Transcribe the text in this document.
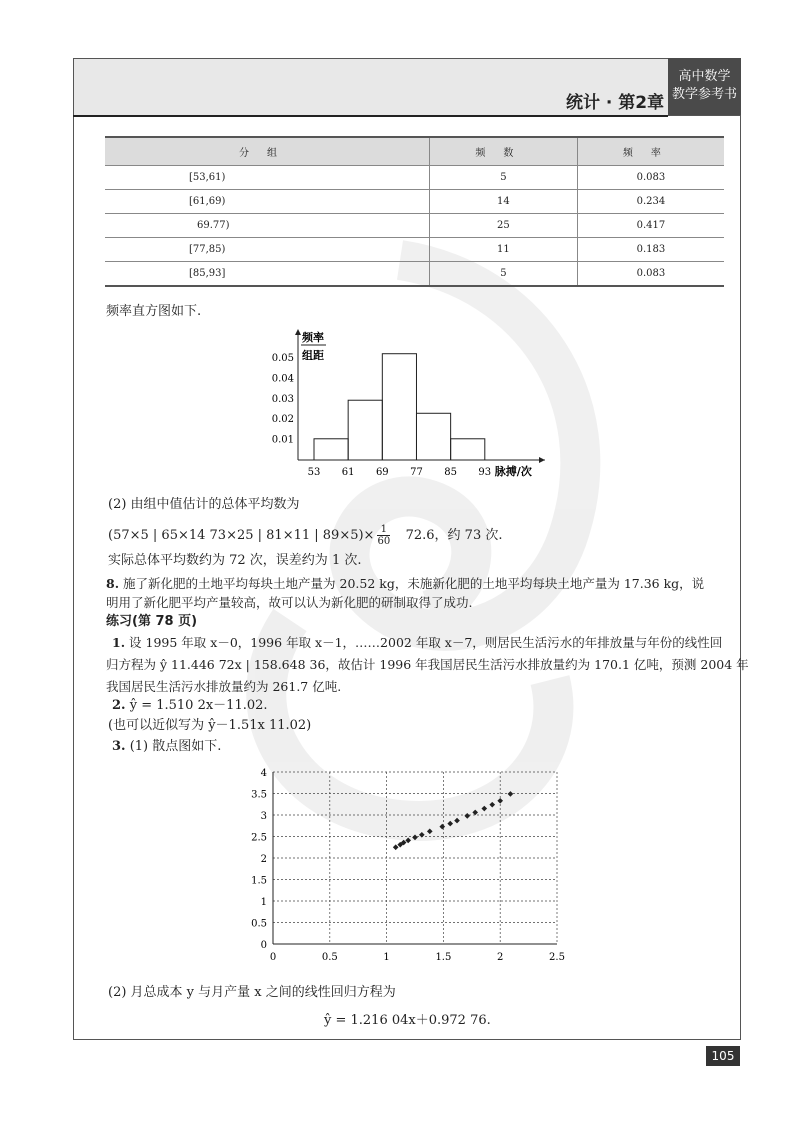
统计 · 第2章
高中数学
教学参考书
分组	频数	频率
[53,61)	5	0.083
[61,69)	14	0.234
69.77)	25	0.417
[77,85)	11	0.183
[85,93]	5	0.083
频率直方图如下.
0.01
0.02
0.03
0.04
0.05
53 61 69 77 85 93 脉搏/次
频率
组距
(2) 由组中值估计的总体平均数为
(57×5 | 65×14 73×25 | 81×11 | $89\times 5)\times \frac{1}{60} 72.6$，约 73 次.
实际总体平均数约为 72 次，误差约为 1 次.
8. 施了新化肥的土地平均每块土地产量为 20.52 kg，未施新化肥的土地平均每块土地产量为 17.36 kg，说
明用了新化肥平均产量较高，故可以认为新化肥的研制取得了成功.
练习(第 78 页)
1. 设 1995 年取 x－0，1996 年取 x－1，……2002 年取 x－7，则居民生活污水的年排放量与年份的线性回
归方程为 ŷ 11.446 72x | 158.648 36，故估计 1996 年我国居民生活污水排放量约为 170.1 亿吨，预测 2004 年
我国居民生活污水排放量约为 261.7 亿吨.
2. ŷ = 1.510 2x－11.02.
(也可以近似写为 ŷ－1.51x 11.02)
3. (1) 散点图如下.
0	0.5	1	1.5	2	2.5
0
0.5
1
1.5
2
2.5
3
3.5
4
(2) 月总成本 y 与月产量 x 之间的线性回归方程为
ŷ = 1.216 04x＋0.972 76.
105
